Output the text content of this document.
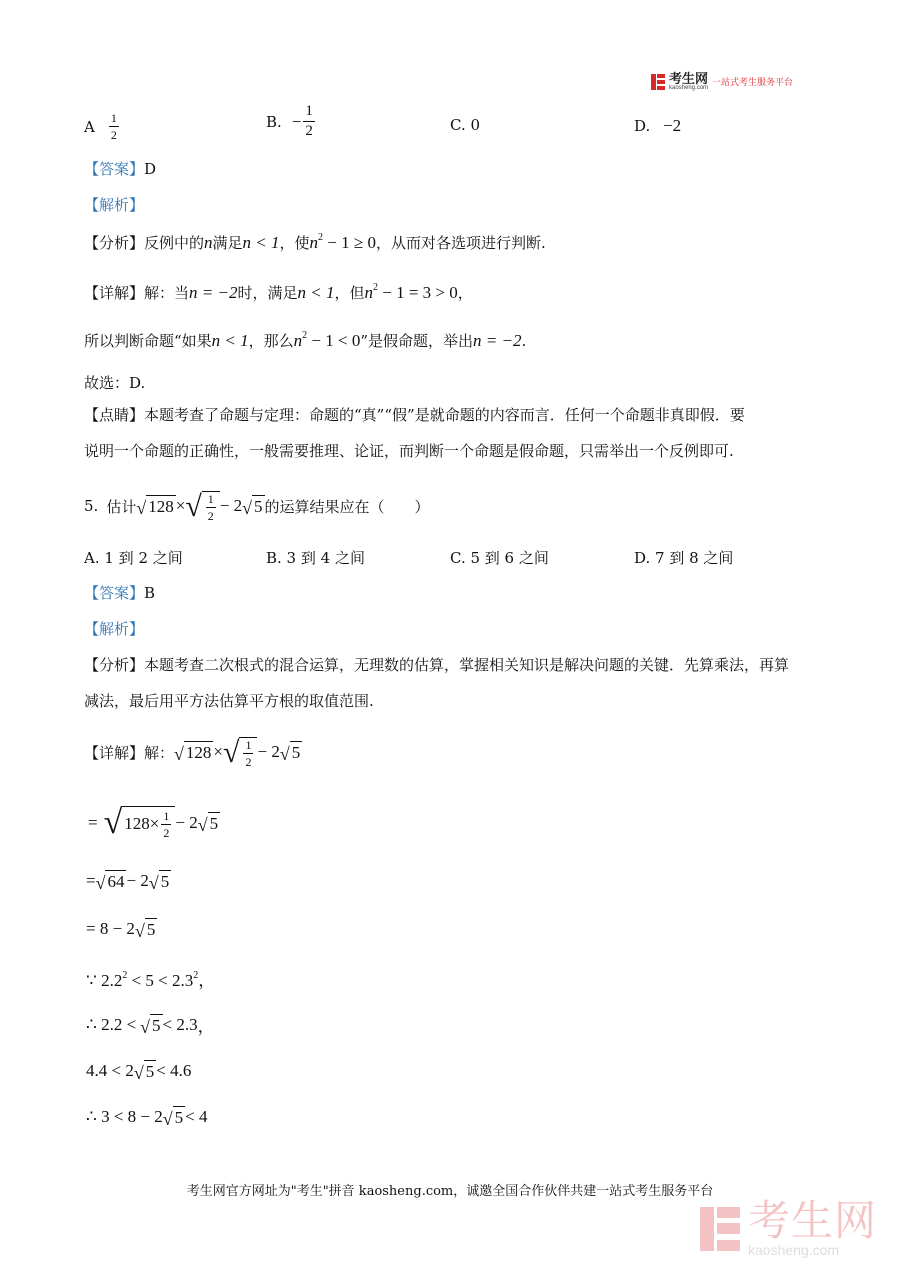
考生网
kaosheng.com 一站式考生服务平台
A $\frac{1}{2}$	B. − $\frac{1}{2}$	C. 0	D. −2
【答案】D
【解析】
【分析】反例中的n满足n < 1，使$n^2 - 1 \ge 0$，从而对各选项进行判断.
【详解】解：当n = −2时，满足n < 1，但$n^2 - 1 = 3 > 0$，
所以判断命题“如果n < 1，那么$n^2 - 1 < 0$”是假命题，举出n = −2.
故选：D.
【点睛】本题考查了命题与定理：命题的“真”“假”是就命题的内容而言．任何一个命题非真即假．要
说明一个命题的正确性，一般需要推理、论证，而判断一个命题是假命题，只需举出一个反例即可.
5. 估计 √ 128 × √ $\frac{1}{2} - 2$ √ 5 的运算结果应在（　　）
A. 1 到 2 之间	B. 3 到 4 之间	C. 5 到 6 之间	D. 7 到 8 之间
【答案】B
【解析】
【分析】本题考查二次根式的混合运算，无理数的估算，掌握相关知识是解决问题的关键．先算乘法，再算
减法，最后用平方法估算平方根的取值范围.
【详解】 解： √ 128 × √ $\frac{1}{2} - 2$ √ 5
= √ $128\times \frac{1}{2} - 2$ √ 5
= √ 64 − 2 √ 5
= 8 − 2 √ 5
∵ $2.2^2 < 5 < 2.3^2$，
∴ 2.2 < √ 5 < 2.3 ，
4.4 < 2 √ 5 < 4.6
∴ 3 < 8 − 2 √ 5 < 4
考生网官方网址为"考生"拼音 kaosheng.com，诚邀全国合作伙伴共建一站式考生服务平台
考生网
kaosheng.com
